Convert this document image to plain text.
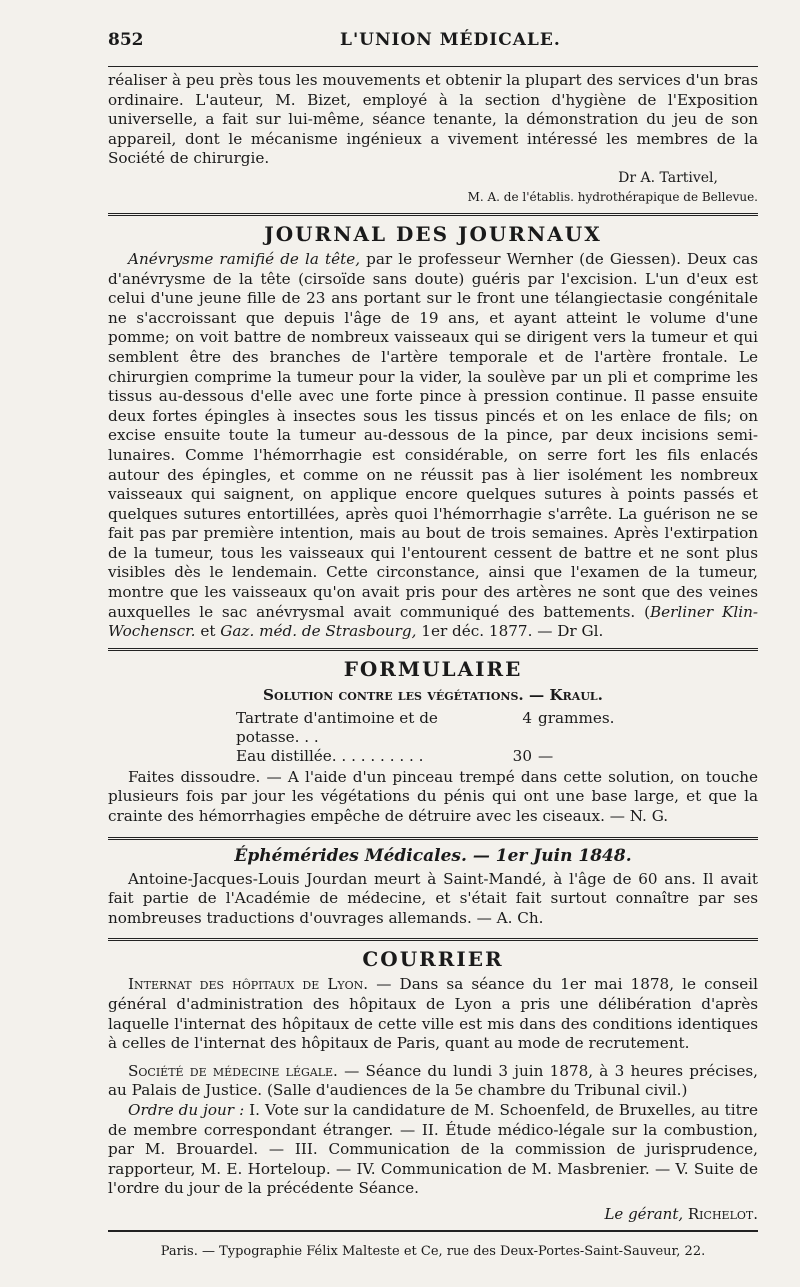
852	L'UNION MÉDICALE.

réaliser à peu près tous les mouvements et obtenir la plupart des services d'un bras ordinaire. L'auteur, M. Bizet, employé à la section d'hygiène de l'Exposition universelle, a fait sur lui-même, séance tenante, la démonstration du jeu de son appareil, dont le mécanisme ingénieux a vivement intéressé les membres de la Société de chirurgie.

Dr A. Tartivel,

M. A. de l'établis. hydrothérapique de Bellevue.

JOURNAL DES JOURNAUX

Anévrysme ramifié de la tête, par le professeur Wernher (de Giessen). Deux cas d'anévrysme de la tête (cirsoïde sans doute) guéris par l'excision. L'un d'eux est celui d'une jeune fille de 23 ans portant sur le front une télangiectasie congénitale ne s'accroissant que depuis l'âge de 19 ans, et ayant atteint le volume d'une pomme; on voit battre de nombreux vaisseaux qui se dirigent vers la tumeur et qui semblent être des branches de l'artère temporale et de l'artère frontale. Le chirurgien comprime la tumeur pour la vider, la soulève par un pli et comprime les tissus au-dessous d'elle avec une forte pince à pression continue. Il passe ensuite deux fortes épingles à insectes sous les tissus pincés et on les enlace de fils; on excise ensuite toute la tumeur au-dessous de la pince, par deux incisions semi-lunaires. Comme l'hémorrhagie est considérable, on serre fort les fils enlacés autour des épingles, et comme on ne réussit pas à lier isolément les nombreux vaisseaux qui saignent, on applique encore quelques sutures à points passés et quelques sutures entortillées, après quoi l'hémorrhagie s'arrête. La guérison ne se fait pas par première intention, mais au bout de trois semaines. Après l'extirpation de la tumeur, tous les vaisseaux qui l'entourent cessent de battre et ne sont plus visibles dès le lendemain. Cette circonstance, ainsi que l'examen de la tumeur, montre que les vaisseaux qu'on avait pris pour des artères ne sont que des veines auxquelles le sac anévrysmal avait communiqué des battements. (Berliner Klin-Wochenscr. et Gaz. méd. de Strasbourg, 1er déc. 1877. — Dr Gl.

FORMULAIRE
Solution contre les végétations. — Kraul.
Tartrate d'antimoine et de potasse. . .
4 grammes.
Eau distillée. . . . . . . . . .	30 —

Faites dissoudre. — A l'aide d'un pinceau trempé dans cette solution, on touche plusieurs fois par jour les végétations du pénis qui ont une base large, et que la crainte des hémorrhagies empêche de détruire avec les ciseaux. — N. G.

Éphémérides Médicales. — 1er Juin 1848.

Antoine-Jacques-Louis Jourdan meurt à Saint-Mandé, à l'âge de 60 ans. Il avait fait partie de l'Académie de médecine, et s'était fait surtout connaître par ses nombreuses traductions d'ouvrages allemands. — A. Ch.

COURRIER

Internat des hôpitaux de Lyon. — Dans sa séance du 1er mai 1878, le conseil général d'administration des hôpitaux de Lyon a pris une délibération d'après laquelle l'internat des hôpitaux de cette ville est mis dans des conditions identiques à celles de l'internat des hôpitaux de Paris, quant au mode de recrutement.

Société de médecine légale. — Séance du lundi 3 juin 1878, à 3 heures précises, au Palais de Justice. (Salle d'audiences de la 5e chambre du Tribunal civil.)

Ordre du jour : I. Vote sur la candidature de M. Schoenfeld, de Bruxelles, au titre de membre correspondant étranger. — II. Étude médico-légale sur la combustion, par M. Brouardel. — III. Communication de la commission de jurisprudence, rapporteur, M. E. Horteloup. — IV. Communication de M. Masbrenier. — V. Suite de l'ordre du jour de la précédente Séance.

Le gérant, Richelot.

Paris. — Typographie Félix Malteste et Ce, rue des Deux-Portes-Saint-Sauveur, 22.
